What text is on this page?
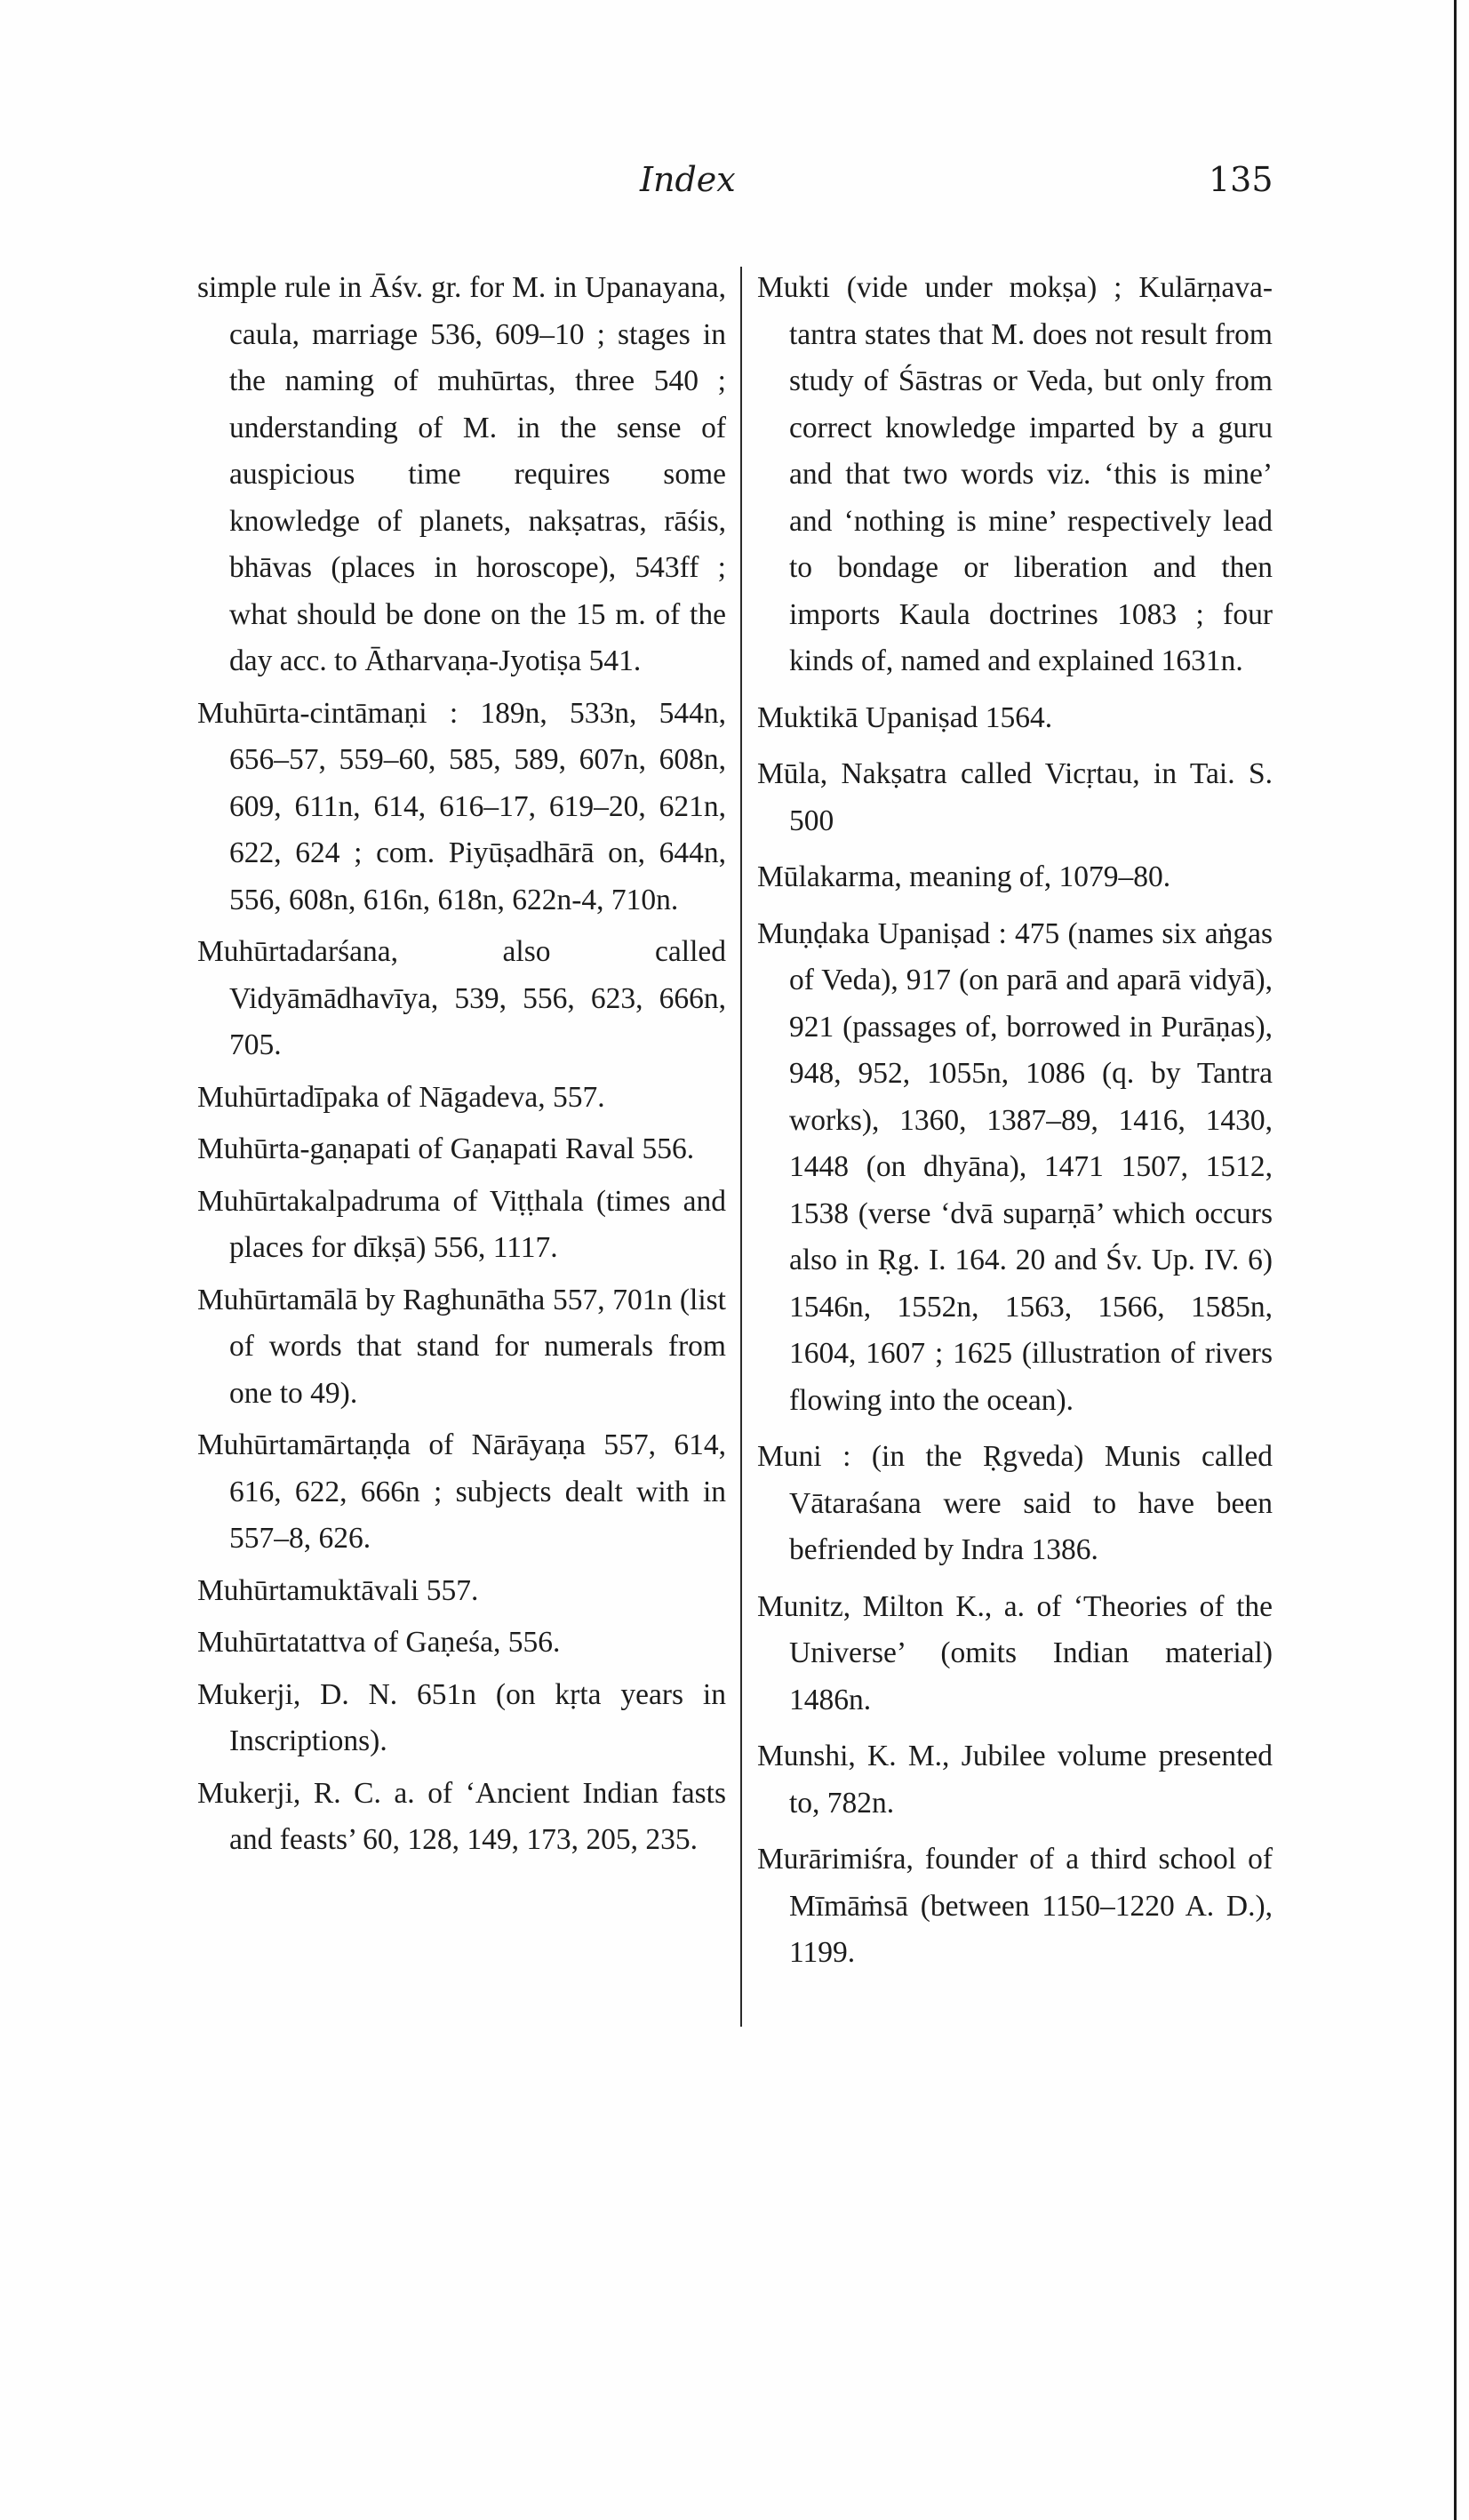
Index	135

simple rule in Āśv. gr. for M. in Upanayana, caula, marriage 536, 609–10 ; stages in the naming of muhūrtas, three 540 ; understanding of M. in the sense of auspicious time requires some knowledge of planets, nakṣatras, rāśis, bhāvas (places in horoscope), 543ff ; what should be done on the 15 m. of the day acc. to Ātharvaṇa-Jyotiṣa 541.

Muhūrta-cintāmaṇi : 189n, 533n, 544n, 656–57, 559–60, 585, 589, 607n, 608n, 609, 611n, 614, 616–17, 619–20, 621n, 622, 624 ; com. Piyūṣadhārā on, 644n, 556, 608n, 616n, 618n, 622n-4, 710n.

Muhūrtadarśana, also called Vidyāmādhavīya, 539, 556, 623, 666n, 705.

Muhūrtadīpaka of Nāgadeva, 557.

Muhūrta-gaṇapati of Gaṇapati Raval 556.

Muhūrtakalpadruma of Viṭṭhala (times and places for dīkṣā) 556, 1117.

Muhūrtamālā by Raghunātha 557, 701n (list of words that stand for numerals from one to 49).

Muhūrtamārtaṇḍa of Nārāyaṇa 557, 614, 616, 622, 666n ; subjects dealt with in 557–8, 626.

Muhūrtamuktāvali 557.

Muhūrtatattva of Gaṇeśa, 556.

Mukerji, D. N. 651n (on kṛta years in Inscriptions).

Mukerji, R. C. a. of ‘Ancient Indian fasts and feasts’ 60, 128, 149, 173, 205, 235.

Mukti (vide under mokṣa) ; Kulārṇava-tantra states that M. does not result from study of Śāstras or Veda, but only from correct knowledge imparted by a guru and that two words viz. ‘this is mine’ and ‘nothing is mine’ respectively lead to bondage or liberation and then imports Kaula doctrines 1083 ; four kinds of, named and explained 1631n.

Muktikā Upaniṣad 1564.

Mūla, Nakṣatra called Vicṛtau, in Tai. S. 500

Mūlakarma, meaning of, 1079–80.

Muṇḍaka Upaniṣad : 475 (names six aṅgas of Veda), 917 (on parā and aparā vidyā), 921 (passages of, borrowed in Purāṇas), 948, 952, 1055n, 1086 (q. by Tantra works), 1360, 1387–89, 1416, 1430, 1448 (on dhyāna), 1471 1507, 1512, 1538 (verse ‘dvā suparṇā’ which occurs also in Ṛg. I. 164. 20 and Śv. Up. IV. 6) 1546n, 1552n, 1563, 1566, 1585n, 1604, 1607 ; 1625 (illustration of rivers flowing into the ocean).

Muni : (in the Ṛgveda) Munis called Vātaraśana were said to have been befriended by Indra 1386.

Munitz, Milton K., a. of ‘Theories of the Universe’ (omits Indian material) 1486n.

Munshi, K. M., Jubilee volume presented to, 782n.

Murārimiśra, founder of a third school of Mīmāṁsā (between 1150–1220 A. D.), 1199.
